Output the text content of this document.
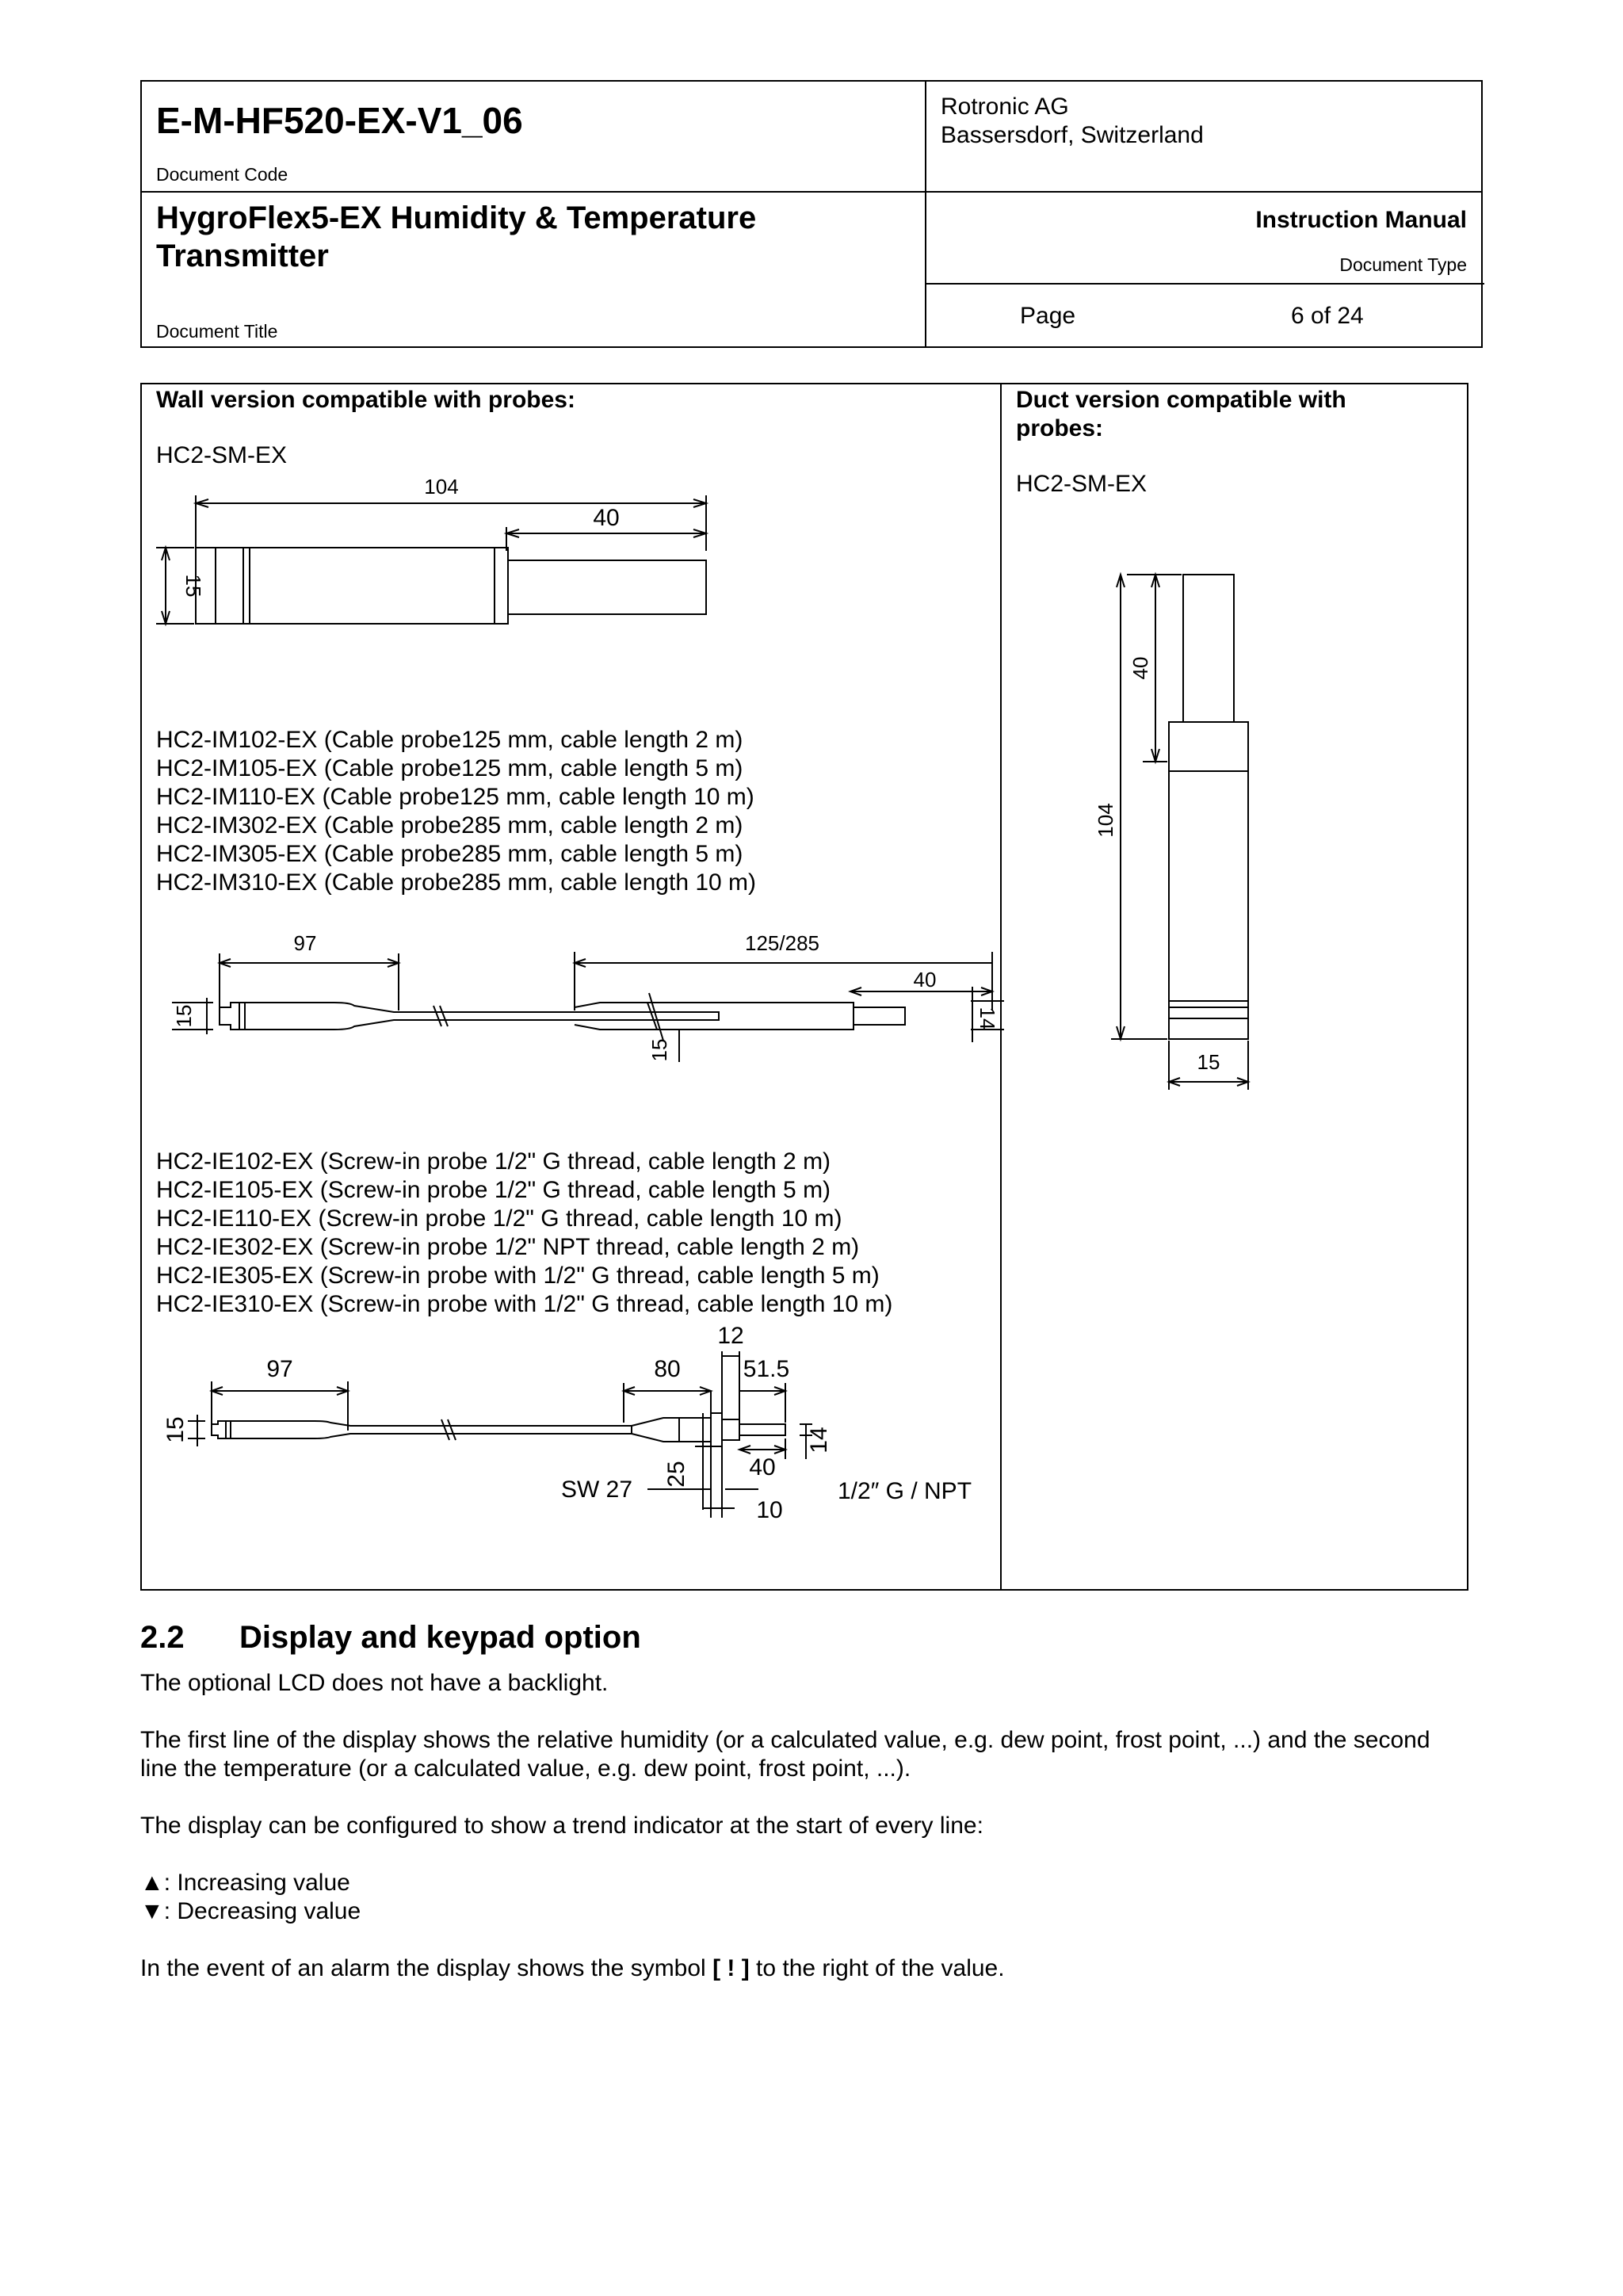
E-M-HF520-EX-V1_06
Document Code
Rotronic AG
Bassersdorf, Switzerland
HygroFlex5-EX Humidity & Temperature
Transmitter
Document Title
Instruction Manual
Document Type
Page	6 of 24
Wall version compatible with probes:
HC2-SM-EX
104
40
15
HC2-IM102-EX (Cable probe125 mm, cable length 2 m)
HC2-IM105-EX (Cable probe125 mm, cable length 5 m)
HC2-IM110-EX (Cable probe125 mm, cable length 10 m)
HC2-IM302-EX (Cable probe285 mm, cable length 2 m)
HC2-IM305-EX (Cable probe285 mm, cable length 5 m)
HC2-IM310-EX (Cable probe285 mm, cable length 10 m)
97	125/285
40
15
15
14
HC2-IE102-EX (Screw-in probe 1/2" G thread, cable length 2 m)
HC2-IE105-EX (Screw-in probe 1/2" G thread, cable length 5 m)
HC2-IE110-EX (Screw-in probe 1/2" G thread, cable length 10 m)
HC2-IE302-EX (Screw-in probe 1/2" NPT thread, cable length 2 m)
HC2-IE305-EX (Screw-in probe with 1/2" G thread, cable length 5 m)
HC2-IE310-EX (Screw-in probe with 1/2" G thread, cable length 10 m)
97	80
12
51.5
15
25	40
14
10
SW 27	1/2″ G / NPT
Duct version compatible with probes:
HC2-SM-EX
40
104
15
2.2 Display and keypad option
The optional LCD does not have a backlight.
The first line of the display shows the relative humidity (or a calculated value, e.g. dew point, frost point, ...) and the second
line the temperature (or a calculated value, e.g. dew point, frost point, ...).
The display can be configured to show a trend indicator at the start of every line:
▲: Increasing value
▼: Decreasing value
In the event of an alarm the display shows the symbol [ ! ] to the right of the value.
